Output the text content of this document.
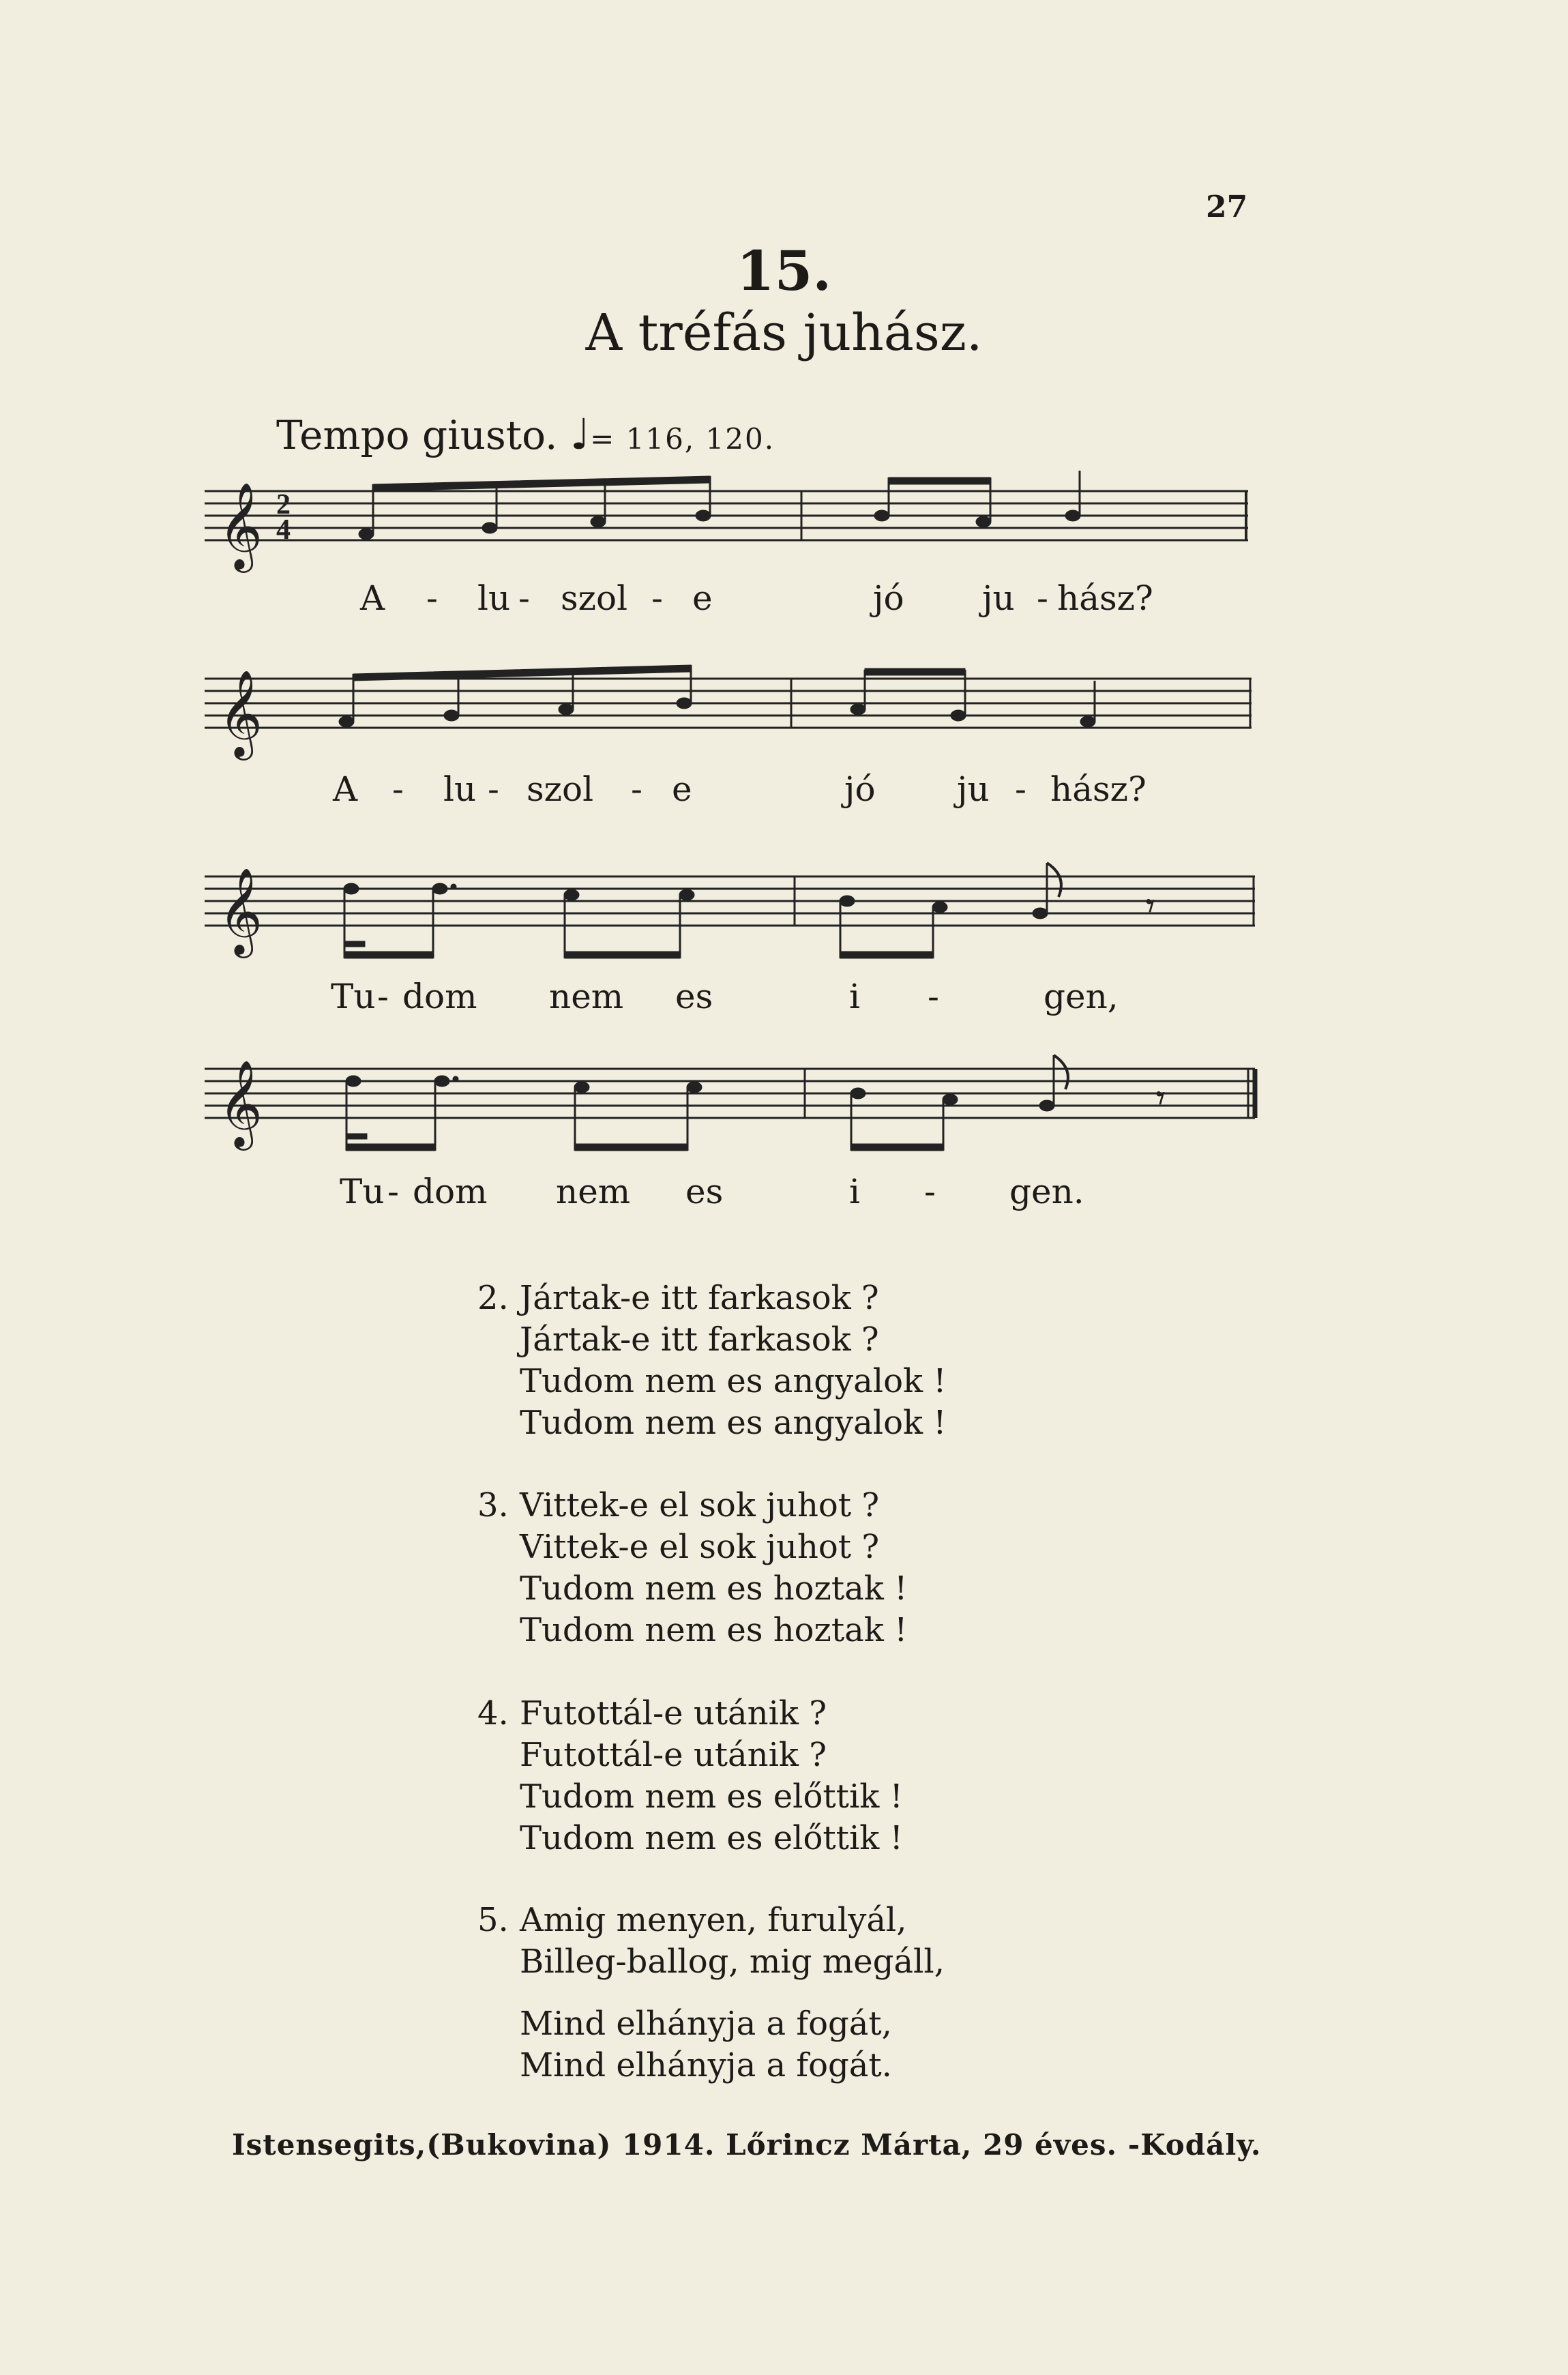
27
15.
A tréfás juhász.
Tempo giusto. ♩= 116, 120.
𝄞 2
4
A - lu - szol - e	jó ju - hász?
𝄞
A - lu - szol - e	jó ju - hász?
𝄞	𝄾
Tu - dom nem es	i -	gen,
𝄞	𝄾
Tu - dom nem es	i - gen.
2. Jártak-e itt farkasok ?
Jártak-e itt farkasok ?
Tudom nem es angyalok !
Tudom nem es angyalok !
3. Vittek-e el sok juhot ?
Vittek-e el sok juhot ?
Tudom nem es hoztak !
Tudom nem es hoztak !
4. Futottál-e utánik ?
Futottál-e utánik ?
Tudom nem es előttik !
Tudom nem es előttik !
5. Amig menyen, furulyál,
Billeg-ballog, mig megáll,
Mind elhányja a fogát,
Mind elhányja a fogát.
Istensegits,(Bukovina) 1914. Lőrincz Márta, 29 éves. -Kodály.
